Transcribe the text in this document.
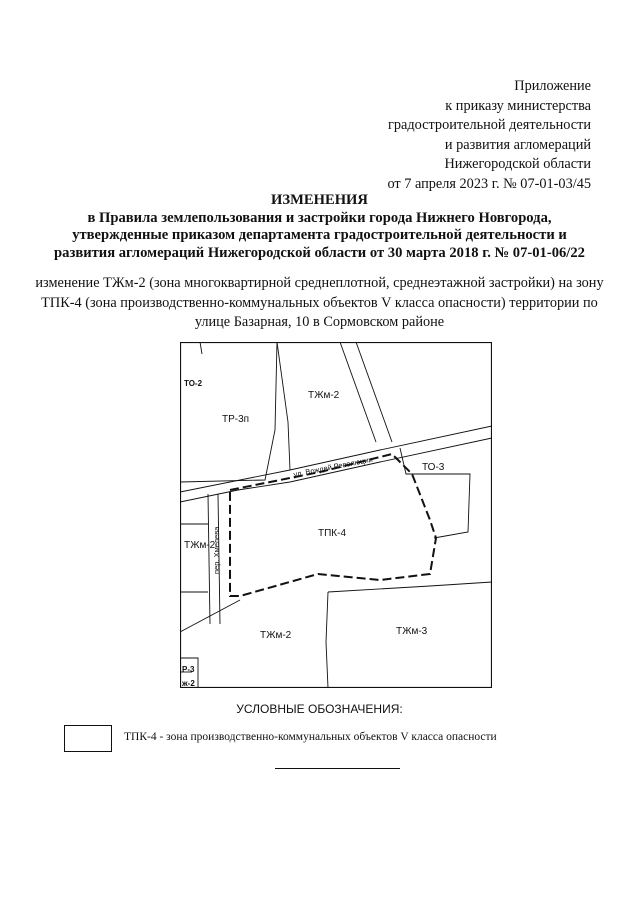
Приложение
к приказу министерства
градостроительной деятельности
и развития агломераций
Нижегородской области
от 7 апреля 2023 г. № 07-01-03/45
ИЗМЕНЕНИЯ
в Правила землепользования и застройки города Нижнего Новгорода,
утвержденные приказом департамента градостроительной деятельности и
развития агломераций Нижегородской области от 30 марта 2018 г. № 07-01-06/22
изменение ТЖм-2 (зона многоквартирной среднеплотной, среднеэтажной застройки) на зону
ТПК-4 (зона производственно-коммунальных объектов V класса опасности) территории по
улице Базарная, 10 в Сормовском районе
ТО-2
ТР-3п
ТЖм-2
ТО-3
ТПК-4
ТЖм-2
ТЖм-2	ТЖм-3
Р-3
ж-2
ул. Вождей Революции
пер. Хмелева
УСЛОВНЫЕ ОБОЗНАЧЕНИЯ:
ТПК-4 - зона производственно-коммунальных объектов V класса опасности
